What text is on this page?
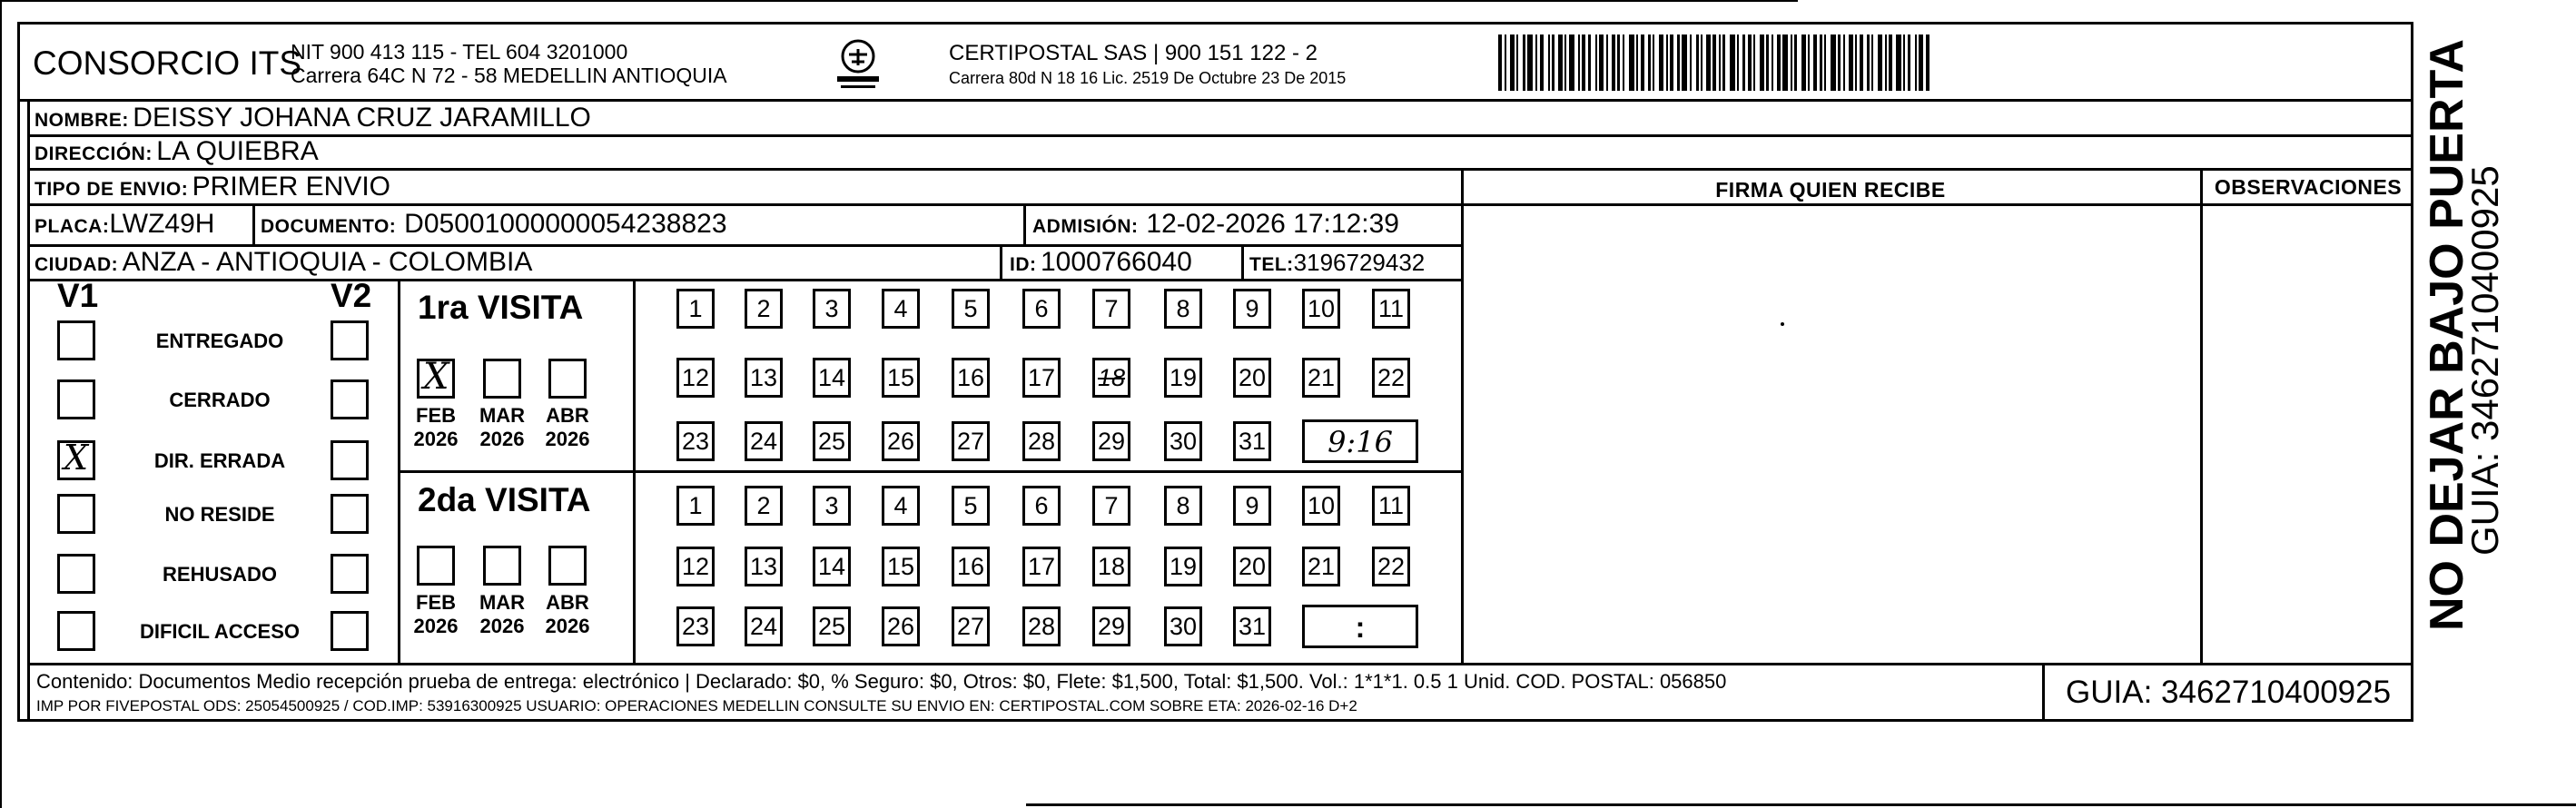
CONSORCIO ITS
NIT 900 413 115 - TEL 604 3201000
Carrera 64C N 72 - 58 MEDELLIN ANTIOQUIA
CERTIPOSTAL SAS | 900 151 122 - 2
Carrera 80d N 18 16 Lic. 2519 De Octubre 23 De 2015
NOMBRE:
DEISSY JOHANA CRUZ JARAMILLO
DIRECCIÓN:
LA QUIEBRA
TIPO DE ENVIO:
PRIMER ENVIO
PLACA: LWZ49H DOCUMENTO:
D05001000000054238823	ADMISIÓN:
12-02-2026 17:12:39
CIUDAD:
ANZA - ANTIOQUIA - COLOMBIA	ID:
1000766040	TEL: 3196729432
FIRMA QUIEN RECIBE	OBSERVACIONES
V1	V2
ENTREGADO
CERRADO
X	DIR. ERRADA
NO RESIDE
REHUSADO
DIFICIL ACCESO
1ra VISITA
2da VISITA
X
FEB
2026
MAR
2026
ABR
2026
FEB
2026
MAR
2026
ABR
2026
1	2	3	4	5	6	7	8	9	10 11
12 13 14 15 16 17 18 19 20 21 22
23 24 25 26 27 28 29 30 31	9:16
1	2	3	4	5	6	7	8	9	10 11
12 13 14 15 16 17 18 19 20 21 22
23 24 25 26 27 28 29 30 31	:
Contenido: Documentos Medio recepción prueba de entrega: electrónico | Declarado: $0, % Seguro: $0, Otros: $0, Flete: $1,500, Total: $1,500. Vol.: 1*1*1. 0.5 1 Unid. COD. POSTAL: 056850
IMP POR FIVEPOSTAL ODS: 25054500925 / COD.IMP: 53916300925 USUARIO: OPERACIONES MEDELLIN CONSULTE SU ENVIO EN: CERTIPOSTAL.COM SOBRE ETA: 2026-02-16 D+2	GUIA: 3462710400925
NO DEJAR BAJO PUERTA
GUIA: 3462710400925
